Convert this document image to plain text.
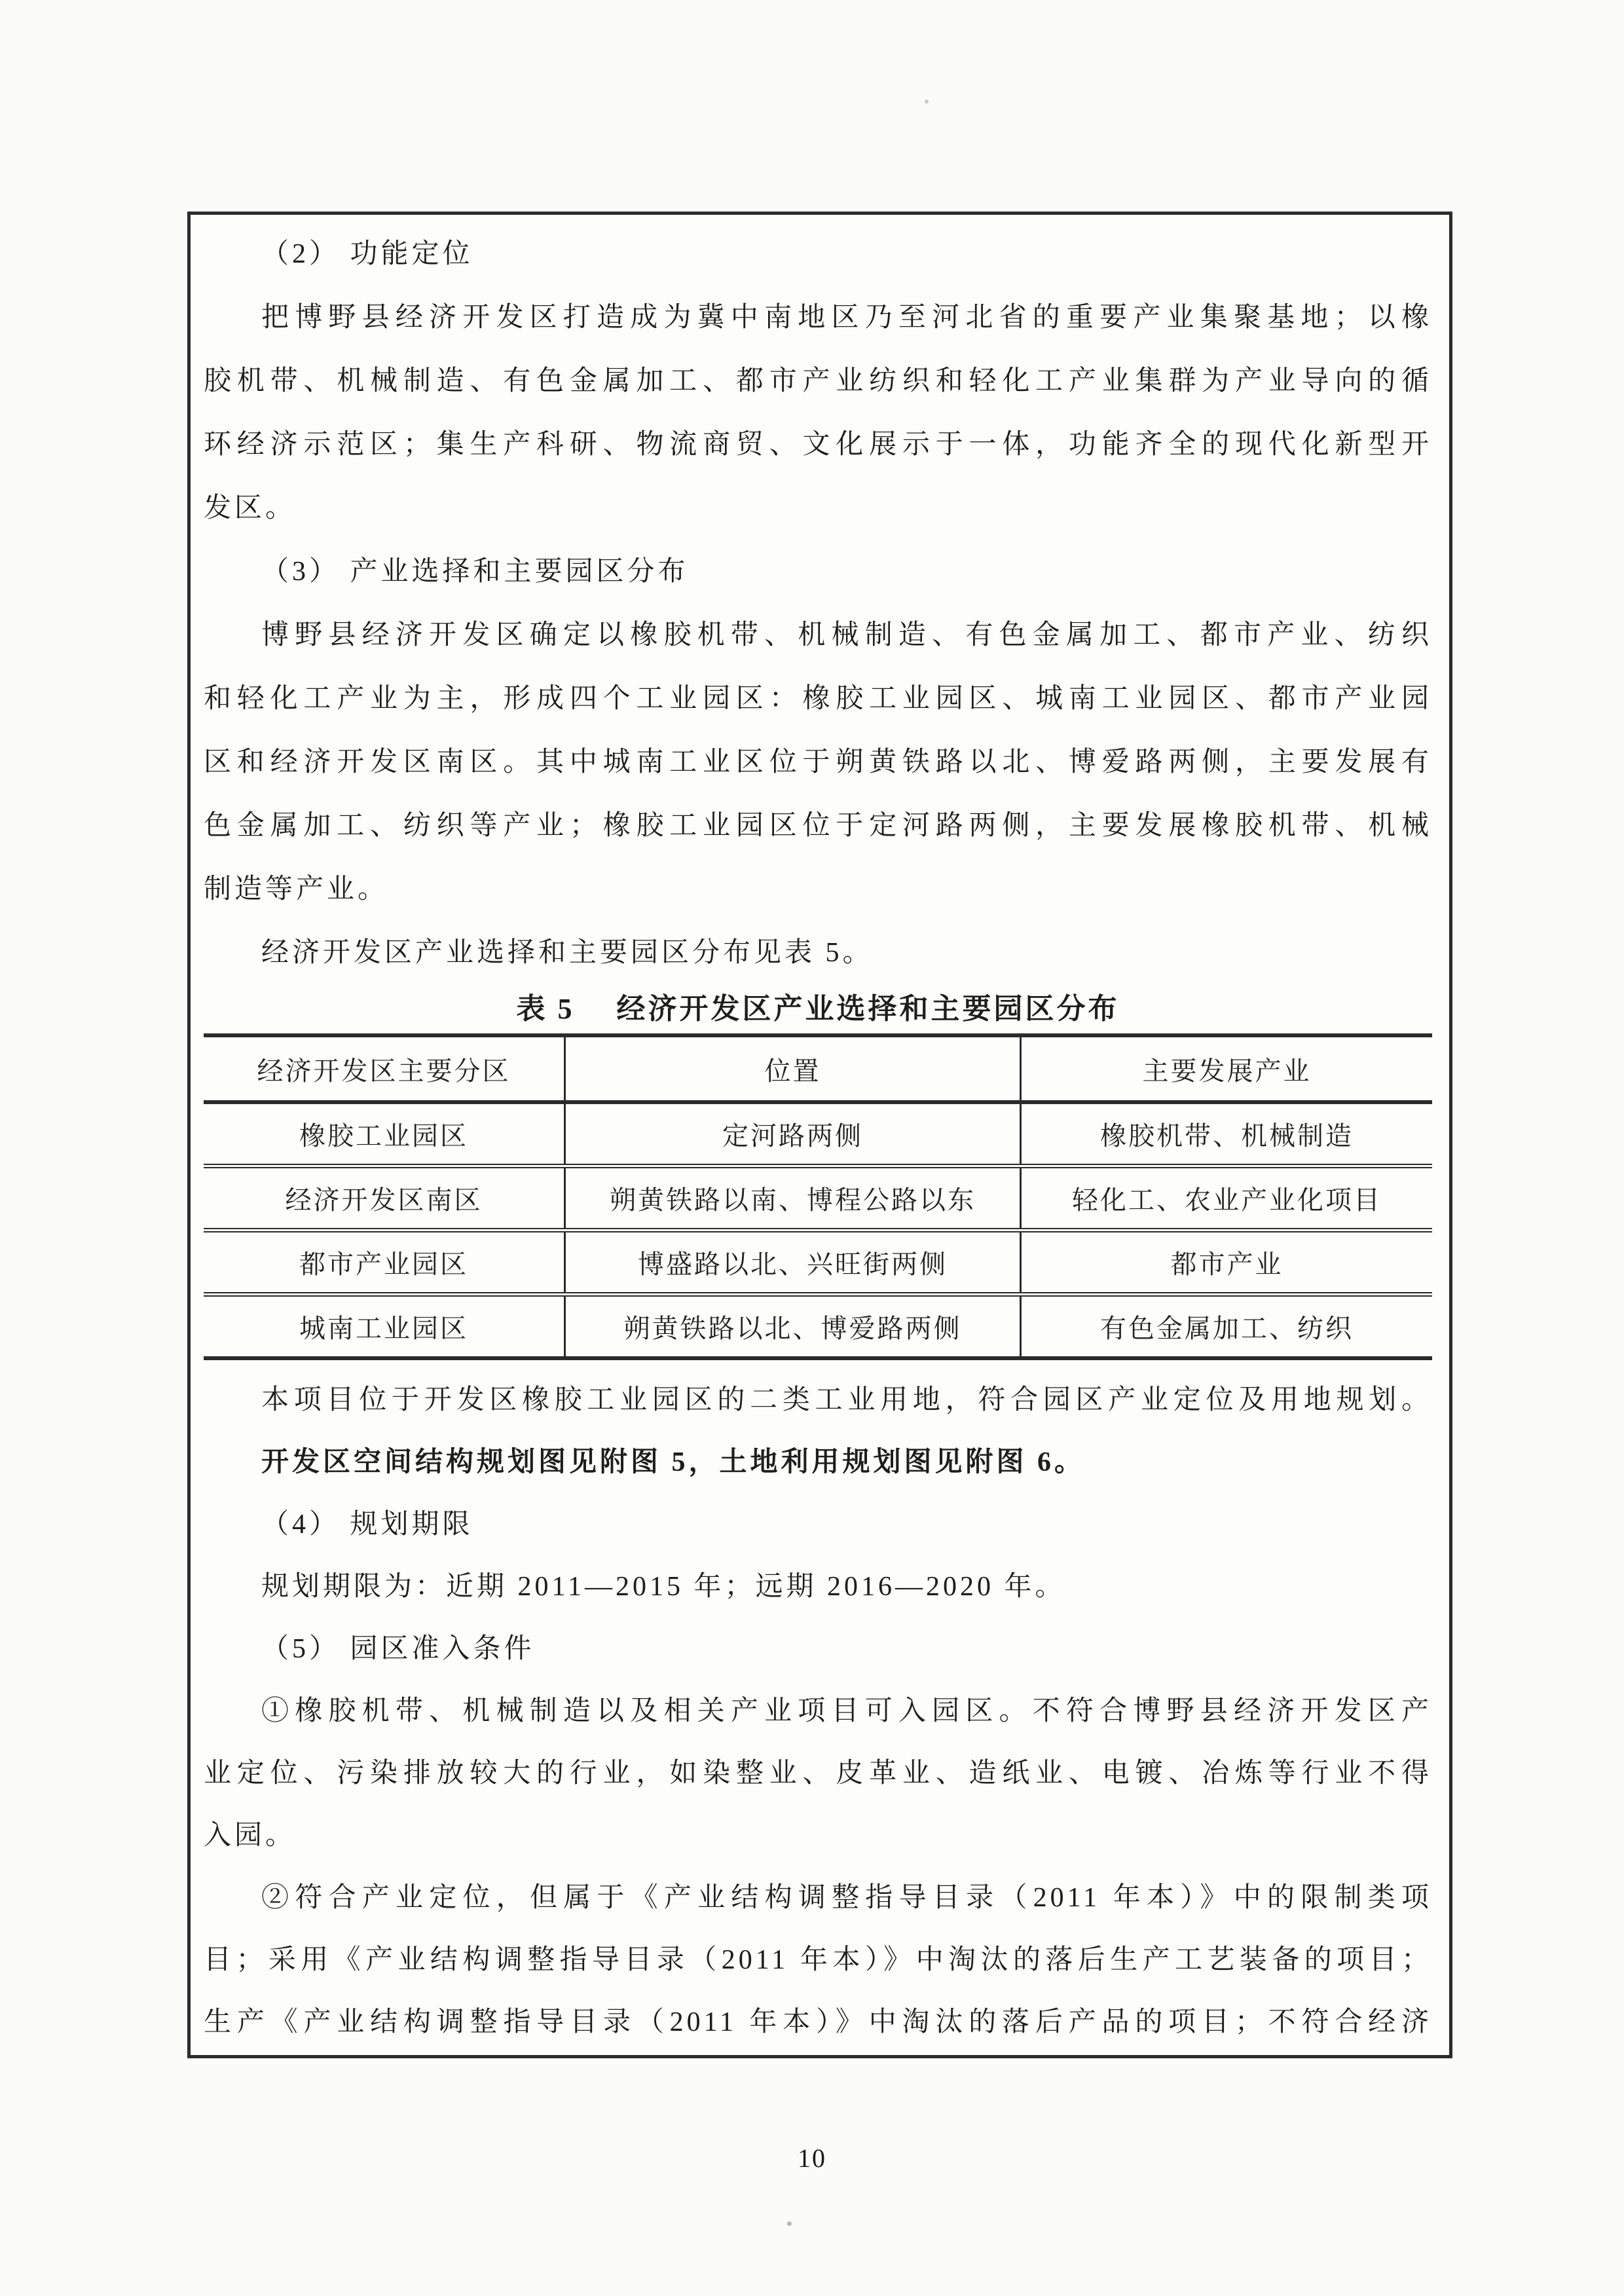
（2） 功能定位
把博野县经济开发区打造成为冀中南地区乃至河北省的重要产业集聚基地；以橡
胶机带、机械制造、有色金属加工、都市产业纺织和轻化工产业集群为产业导向的循
环经济示范区；集生产科研、物流商贸、文化展示于一体，功能齐全的现代化新型开
发区。
（3） 产业选择和主要园区分布
博野县经济开发区确定以橡胶机带、机械制造、有色金属加工、都市产业、纺织
和轻化工产业为主，形成四个工业园区：橡胶工业园区、城南工业园区、都市产业园
区和经济开发区南区。其中城南工业区位于朔黄铁路以北、博爱路两侧，主要发展有
色金属加工、纺织等产业；橡胶工业园区位于定河路两侧，主要发展橡胶机带、机械
制造等产业。
经济开发区产业选择和主要园区分布见表 5。
表 5 经济开发区产业选择和主要园区分布
经济开发区主要分区	位置	主要发展产业
橡胶工业园区	定河路两侧	橡胶机带、机械制造
经济开发区南区	朔黄铁路以南、博程公路以东	轻化工、农业产业化项目
都市产业园区	博盛路以北、兴旺街两侧	都市产业
城南工业园区	朔黄铁路以北、博爱路两侧	有色金属加工、纺织
本项目位于开发区橡胶工业园区的二类工业用地，符合园区产业定位及用地规划。
开发区空间结构规划图见附图 5，土地利用规划图见附图 6。
（4） 规划期限
规划期限为：近期 2011—2015 年；远期 2016—2020 年。
（5） 园区准入条件
①橡胶机带、机械制造以及相关产业项目可入园区。不符合博野县经济开发区产
业定位、污染排放较大的行业，如染整业、皮革业、造纸业、电镀、冶炼等行业不得
入园。
②符合产业定位，但属于《产业结构调整指导目录（2011 年本）》中的限制类项
目；采用《产业结构调整指导目录（2011 年本）》中淘汰的落后生产工艺装备的项目；
生产《产业结构调整指导目录（2011 年本）》中淘汰的落后产品的项目；不符合经济
10
